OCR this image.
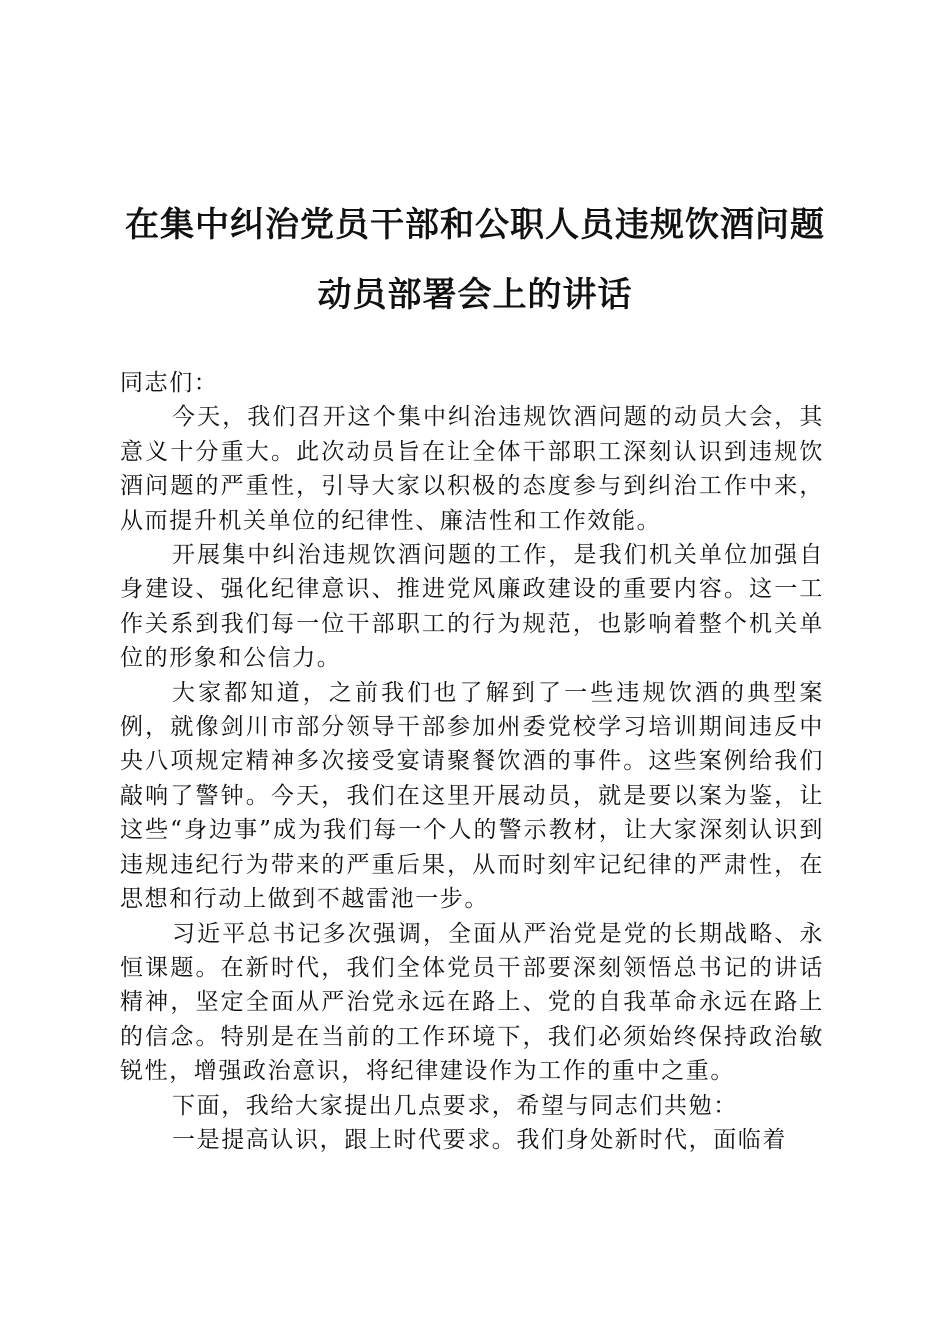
在集中纠治党员干部和公职人员违规饮酒问题
动员部署会上的讲话

同志们：

今天，我们召开这个集中纠治违规饮酒问题的动员大会，其意义十分重大。此次动员旨在让全体干部职工深刻认识到违规饮酒问题的严重性，引导大家以积极的态度参与到纠治工作中来，从而提升机关单位的纪律性、廉洁性和工作效能。

开展集中纠治违规饮酒问题的工作，是我们机关单位加强自身建设、强化纪律意识、推进党风廉政建设的重要内容。这一工作关系到我们每一位干部职工的行为规范，也影响着整个机关单位的形象和公信力。

大家都知道，之前我们也了解到了一些违规饮酒的典型案例，就像剑川市部分领导干部参加州委党校学习培训期间违反中央八项规定精神多次接受宴请聚餐饮酒的事件。这些案例给我们敲响了警钟。今天，我们在这里开展动员，就是要以案为鉴，让这些“身边事”成为我们每一个人的警示教材，让大家深刻认识到违规违纪行为带来的严重后果，从而时刻牢记纪律的严肃性，在思想和行动上做到不越雷池一步。

习近平总书记多次强调，全面从严治党是党的长期战略、永恒课题。在新时代，我们全体党员干部要深刻领悟总书记的讲话精神，坚定全面从严治党永远在路上、党的自我革命永远在路上的信念。特别是在当前的工作环境下，我们必须始终保持政治敏锐性，增强政治意识，将纪律建设作为工作的重中之重。

下面，我给大家提出几点要求，希望与同志们共勉：

一是提高认识，跟上时代要求。我们身处新时代，面临着
